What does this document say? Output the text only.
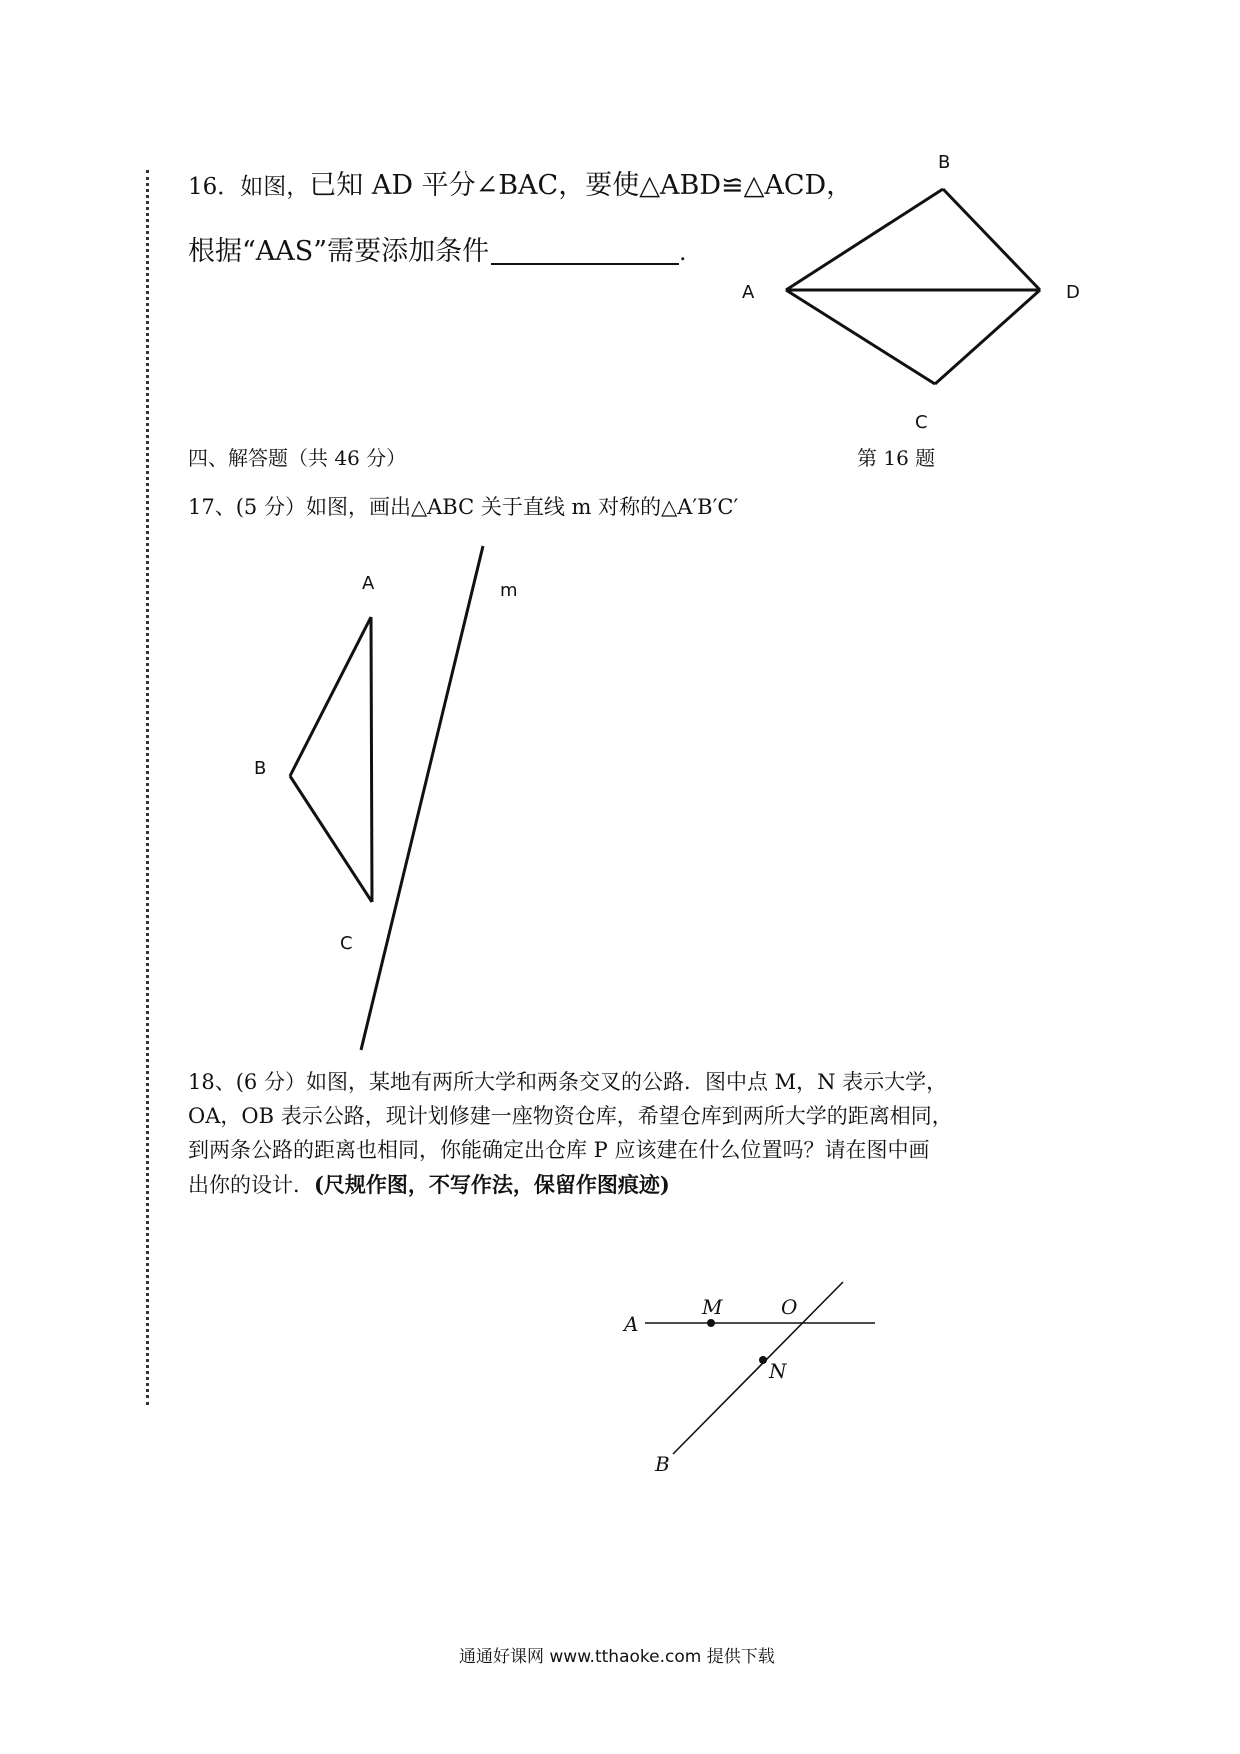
16．如图，已知 AD 平分∠BAC，要使△ABD≌△ACD，
根据“AAS”需要添加条件	.
B
A	D
C
A
B
C
m
A
M	O
N
B
四、解答题（共 46 分）	第 16 题
17、(5 分）如图，画出△ABC 关于直线 m 对称的△A′B′C′
18、(6 分）如图，某地有两所大学和两条交叉的公路．图中点 M，N 表示大学，
OA，OB 表示公路，现计划修建一座物资仓库，希望仓库到两所大学的距离相同，
到两条公路的距离也相同，你能确定出仓库 P 应该建在什么位置吗？请在图中画
出你的设计．(尺规作图，不写作法，保留作图痕迹)
通通好课网 www.tthaoke.com 提供下载
